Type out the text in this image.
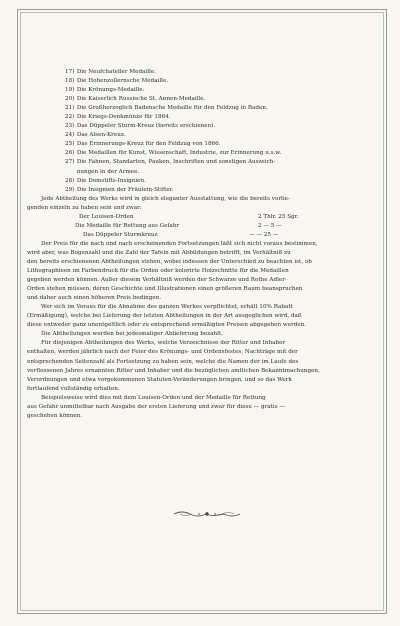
17) Die Neufchateller Medaille.
18) Die Hohenzollernsche Medaille.
19) Die Krönungs-Medaille.
20) Die Kaiserlich Russische St. Annen-Medaille.
21) Die Großherzoglich Badensche Medaille für den Feldzug in Baden.
22) Die Kriegs-Denkmünze für 1864.
23) Das Düppeler Sturm-Kreuz (bereits erschienen).
24) Das Alsen-Kreuz.
25) Das Erinnerungs-Kreuz für den Feldzug von 1866.
26) Die Medaillen für Kunst, Wissenschaft, Industrie, zur Erinnerung u.s.w.
27) Die Fahnen, Standarten, Pauken, Inschriften und sonstigen Auszeich-
nungen in der Armee.
28) Die Domstifts-Insignien.
29) Die Insignien der Fräulein-Stifter.
Jede Abtheilung des Werks wird in gleich eleganter Ausstattung, wie die bereits vorlie-
genden einzeln zu haben sein und zwar:
Der Louisen-Orden	2 Thlr. 25 Sgr.
Die Medaille für Rettung aus Gefahr	2 — 5 —
Das Düppeler Sturmkreuz	— — 25 —
Der Preis für die nach und nach erscheinenden Fortsetzungen läßt sich nicht voraus bestimmen,
wird aber, was Bogenzahl und die Zahl der Tafeln mit Abbildungen betrifft, im Verhältniß zu
den bereits erschienenen Abtheilungen stehen, wobei indessen der Unterschied zu beachten ist, ob
Lithographieen im Farbendruck für die Orden oder kolorirte Holzschnitte für die Medaillen
gegeben werden können. Außer diesem Verhältniß werden der Schwarze und Rothe Adler-
Orden stehen müssen, deren Geschichte und Illustrationen einen größeren Raum beanspruchen
und daher auch einen höheren Preis bedingen.
Wer sich im Voraus für die Abnahme des ganzen Werkes verpflichtet, erhält 10% Rabatt
(Ermäßigung), welche bei Lieferung der letzten Abtheilungen in der Art ausgeglichen wird, daß
diese entweder ganz unentgeltlich oder zu entsprechend ermäßigten Preisen abgegeben werden.
Die Abtheilungen werden bei jedesmaliger Ablieferung bezahlt.
Für diejenigen Abtheilungen des Werks, welche Verzeichnisse der Ritter und Inhaber
enthalten, werden jährlich nach der Feier des Krönungs- und Ordensfestes, Nachträge mit der
entsprechenden Seitenzahl als Fortsetzung zu haben sein, welche die Namen der im Laufe des
verflossenen Jahres ernannten Ritter und Inhaber und die bezüglichen amtlichen Bekanntmachungen,
Verordnungen und etwa vorgekommenen Statuten-Veränderungen bringen, und so das Werk
fortlaufend vollständig erhalten.
Beispielsweise wird dies mit dem Louisen-Orden und der Medaille für Rettung
aus Gefahr unmittelbar nach Ausgabe der ersten Lieferung und zwar für diese — gratis —
geschehen können.
